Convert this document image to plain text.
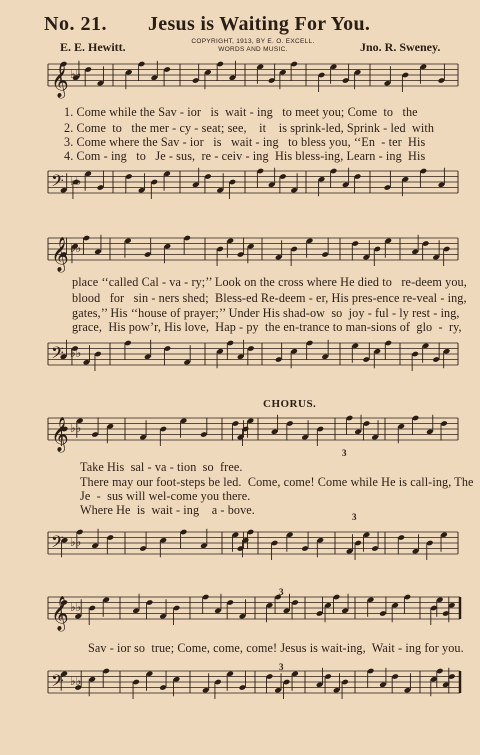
No. 21. Jesus is Waiting For You.
COPYRIGHT, 1913, BY E. O. EXCELL.
WORDS AND MUSIC.
E. E. Hewitt.	Jno. R. Sweney.
𝄞 ♭♭
𝄢 ♭♭
𝄞 ♭♭
𝄢 ♭♭
𝄞 ♭♭
𝄢 ♭♭
𝄞 ♭♭
𝄢 ♭♭
1. Come while the Sav - ior   is  wait - ing   to meet you; Come  to   the
2. Come  to   the mer - cy - seat; see,    it    is sprink-led, Sprink - led  with
3. Come where the Sav - ior   is   wait - ing   to bless you, ‘‘En  - ter  His
4. Com - ing   to   Je - sus,  re - ceiv - ing  His bless-ing, Learn - ing  His
place ‘‘called Cal - va - ry;’’ Look on the cross where He died to   re-deem you,
blood   for   sin - ners shed;  Bless-ed Re-deem - er, His pres-ence re-veal - ing,
gates,’’ His ‘‘house of prayer;’’ Under His shad-ow  so  joy - ful - ly rest - ing,
grace,  His pow’r, His love,  Hap - py  the en-trance to man-sions of  glo  -  ry,
CHORUS.
Take His  sal - va - tion  so  free.
There may our foot-steps be led.  Come, come! Come while He is call-ing, The
Je  -  sus will wel-come you there.
Where He  is  wait - ing    a - bove.
3
3
Sav - ior so  true; Come, come, come! Jesus is wait-ing,  Wait - ing for you.
3
3
